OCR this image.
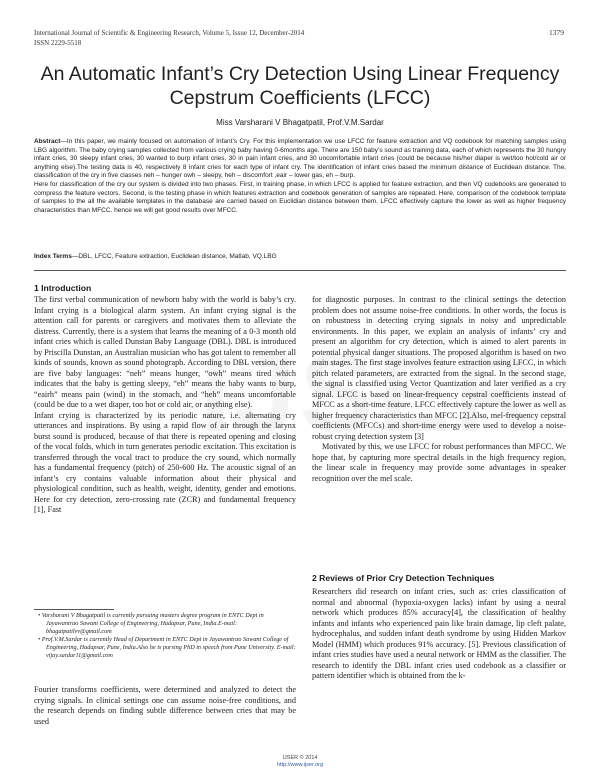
International Journal of Scientific & Engineering Research, Volume 5, Issue 12, December-2014
ISSN 2229-5518
1379
An Automatic Infant’s Cry Detection Using Linear Frequency Cepstrum Coefficients (LFCC)
Miss Varsharani V Bhagatpatil, Prof.V.M.Sardar

Abstract—In this paper, we mainly focused on automation of Infant’s Cry. For this implementation we use LFCC for feature extraction and VQ codebook for matching samples using LBG algorithm. The baby crying samples collected from various crying baby having 0-6months age. There are 150 baby’s sound as training data, each of which represents the 30 hungry infant cries, 30 sleepy infant cries, 30 wanted to burp infant cries, 30 in pain infant cries, and 30 uncomfortable infant cries (could be because his/her diaper is wet/too hot/cold air or anything else).The testing data is 40, respectively 8 infant cries for each type of infant cry. The identification of infant cries based the minimum distance of Euclidean distance. The, classification of the cry in five classes neh – hunger owh – sleepy, heh – discomfort ,eair – lower gas, eh – burp.

Here for classification of the cry our system is divided into two phases. First, in training phase, in which LFCC is applied for feature extraction, and then VQ codebooks are generated to compress the feature vectors. Second, is the testing phase in which features extraction and codebook generation of samples are repeated. Here, comparison of the codebook template of samples to the all the available templates in the database are carried based on Euclidian distance between them. LFCC effectively capture the lower as well as higher frequency characteristics than MFCC. hence we will get good results over MFCC.

Index Terms—DBL, LFCC, Feature extraction, Euclidean distance, Matlab, VQ,LBG
1 Introduction

The first verbal communication of newborn baby with the world is baby’s cry. Infant crying is a biological alarm system. An infant crying signal is the attention call for parents or caregivers and motivates them to alleviate the distress. Currently, there is a system that learns the meaning of a 0-3 month old infant cries which is called Dunstan Baby Language (DBL). DBL is introduced by Priscilla Dunstan, an Australian musician who has got talent to remember all kinds of sounds, known as sound photograph. According to DBL version, there are five baby languages: “neh” means hunger, “owh” means tired which indicates that the baby is getting sleepy, “eh” means the baby wants to burp, “eairh” means pain (wind) in the stomach, and “heh” means uncomfortable (could be due to a wet diaper, too hot or cold air, or anything else).

Infant crying is characterized by its periodic nature, i.e. alternating cry utterances and inspirations. By using a rapid flow of air through the larynx burst sound is produced, because of that there is repeated opening and closing of the vocal folds, which in turn generates periodic excitation. This excitation is transferred through the vocal tract to produce the cry sound, which normally has a fundamental frequency (pitch) of 250-600 Hz. The acoustic signal of an infant’s cry contains valuable information about their physical and physiological condition, such as health, weight, identity, gender and emotions. Here for cry detection, zero-crossing rate (ZCR) and fundamental frequency [1], Fast

• Varsharani V Bhagatpatil is currently pursuing masters degree program in ENTC Dept in Jayawantrao Sawant College of Engineering, Hadapsar, Pune, India.E-mail: bhagatpatilvv@gmail.com

• Prof.V.M.Sardar is currently Head of Department in ENTC Dept in Jayawantrao Sawant College of Engineering, Hadapsar, Pune, India.Also he is pursing PhD in speech from Pune University. E-mail: vijay.sardar11@gmail.com

Fourier transforms coefficients, were determined and analyzed to detect the crying signals. In clinical settings one can assume noise-free conditions, and the research depends on finding subtle difference between cries that may be used

for diagnostic purposes. In contrast to the clinical settings the detection problem does not assume noise-free conditions. In other words, the focus is on robustness in detecting crying signals in noisy and unpredictable environments. In this paper, we explain an analysis of infants’ cry and present an algorithm for cry detection, which is aimed to alert parents in potential physical danger situations. The proposed algorithm is based on two main stages. The first stage involves feature extraction using LFCC, in which pitch related parameters, are extracted from the signal. In the second stage, the signal is classified using Vector Quantization and later verified as a cry signal. LFCC is based on linear-frequency cepstral coefficients instead of MFCC as a short-time feature. LFCC effectively capture the lower as well as higher frequency characteristics than MFCC [2].Also, mel-frequency cepstral coefficients (MFCCs) and short-time energy were used to develop a noise-robust crying detection system [3]

Motivated by this, we use LFCC for robust performances than MFCC. We hope that, by capturing more spectral details in the high frequency region, the linear scale in frequency may provide some advantages in speaker recognition over the mel scale.

2 Reviews of Prior Cry Detection Techniques

Researchers did research on infant cries, such as: cries classification of normal and abnormal (hypoxia-oxygen lacks) infant by using a neural network which produces 85% accuracy[4], the classification of healthy infants and infants who experienced pain like brain damage, lip cleft palate, hydrocephalus, and sudden infant death syndrome by using Hidden Markov Model (HMM) which produces 91% accuracy. [5]. Previous classification of infant cries studies have used a neural network or HMM as the classifier. The research to identify the DBL infant cries used codebook as a classifier or pattern identifier which is obtained from the k-

IJSER © 2014
http://www.ijser.org
